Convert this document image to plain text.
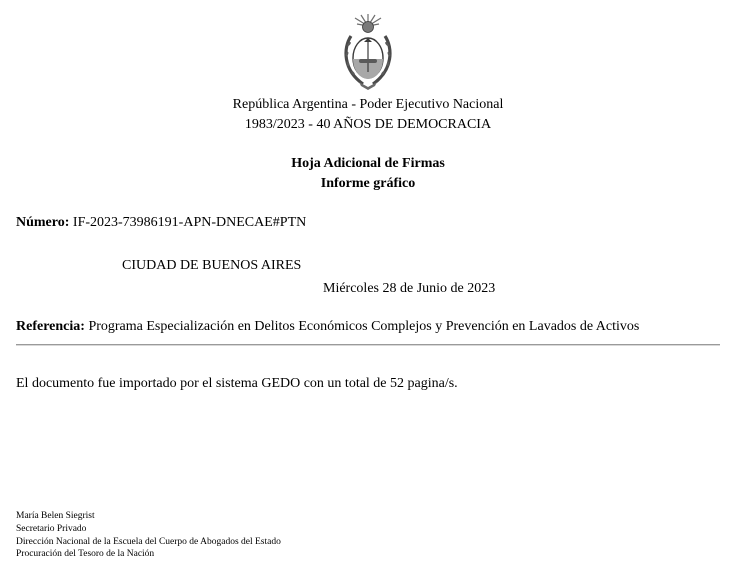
República Argentina - Poder Ejecutivo Nacional
1983/2023 - 40 AÑOS DE DEMOCRACIA
Hoja Adicional de Firmas
Informe gráfico
Número: IF-2023-73986191-APN-DNECAE#PTN
CIUDAD DE BUENOS AIRES
Miércoles 28 de Junio de 2023
Referencia: Programa Especialización en Delitos Económicos Complejos y Prevención en Lavados de Activos
El documento fue importado por el sistema GEDO con un total de 52 pagina/s.
María Belen Siegrist
Secretario Privado
Dirección Nacional de la Escuela del Cuerpo de Abogados del Estado
Procuración del Tesoro de la Nación
